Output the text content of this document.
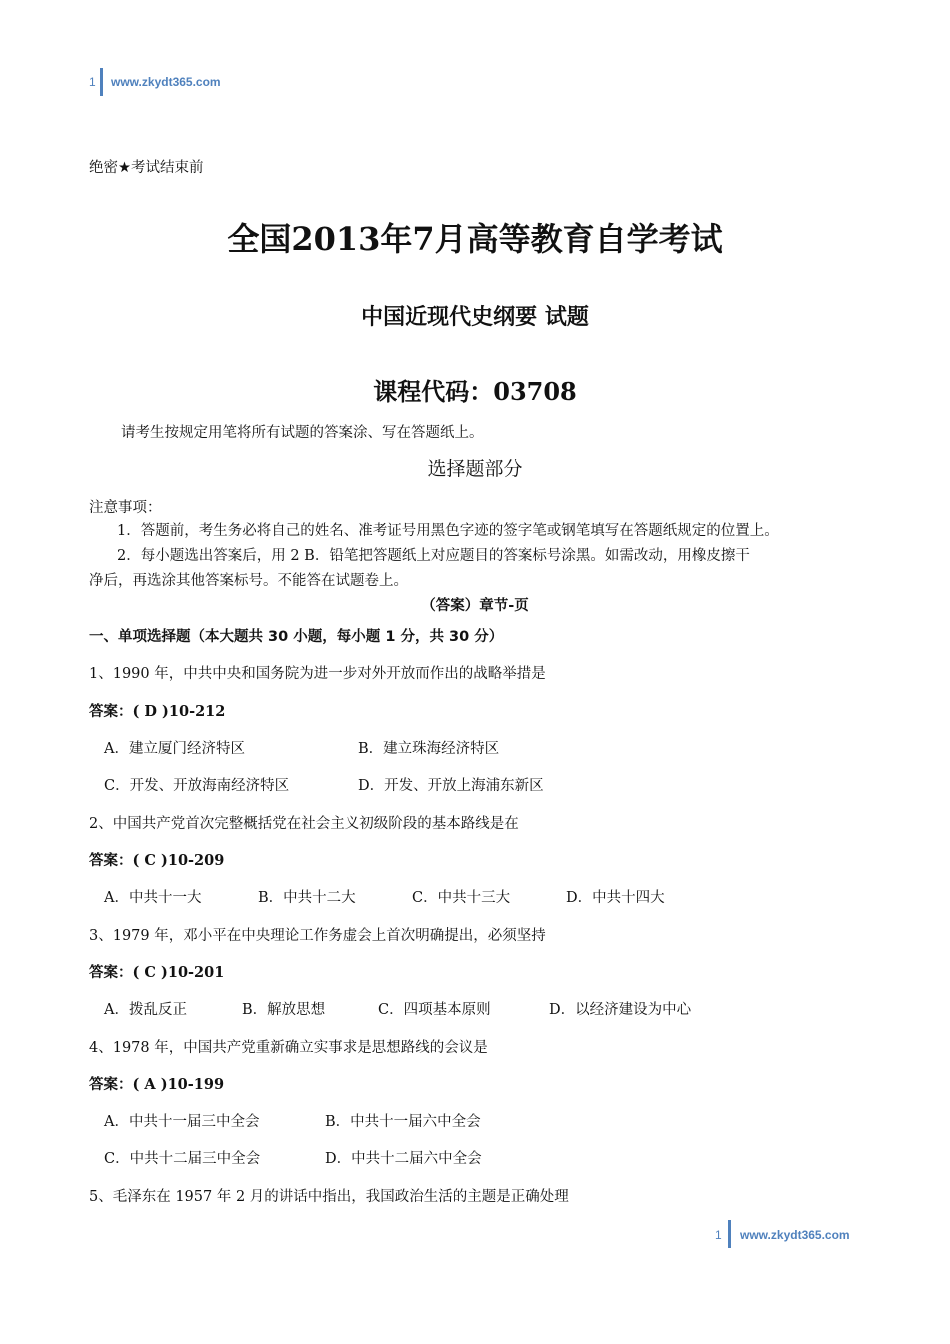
1 www.zkydt365.com
绝密★考试结束前
全国2013年7月高等教育自学考试
中国近现代史纲要 试题
课程代码：03708
请考生按规定用笔将所有试题的答案涂、写在答题纸上。
选择题部分
注意事项：
1．答题前，考生务必将自己的姓名、准考证号用黑色字迹的签字笔或钢笔填写在答题纸规定的位置上。
2．每小题选出答案后，用 2 B．铅笔把答题纸上对应题目的答案标号涂黑。如需改动，用橡皮擦干
净后，再选涂其他答案标号。不能答在试题卷上。
（答案）章节-页
一、单项选择题（本大题共 30 小题，每小题 1 分，共 30 分）
1、1990 年，中共中央和国务院为进一步对外开放而作出的战略举措是
答案：( D )10-212
A．建立厦门经济特区	B．建立珠海经济特区
C．开发、开放海南经济特区	D．开发、开放上海浦东新区
2、中国共产党首次完整概括党在社会主义初级阶段的基本路线是在
答案：( C )10-209
A．中共十一大	B．中共十二大	C．中共十三大	D．中共十四大
3、1979 年，邓小平在中央理论工作务虚会上首次明确提出，必须坚持
答案：( C )10-201
A．拨乱反正	B．解放思想	C．四项基本原则	D．以经济建设为中心
4、1978 年，中国共产党重新确立实事求是思想路线的会议是
答案：( A )10-199
A．中共十一届三中全会	B．中共十一届六中全会
C．中共十二届三中全会	D．中共十二届六中全会
5、毛泽东在 1957 年 2 月的讲话中指出，我国政治生活的主题是正确处理
1 www.zkydt365.com
